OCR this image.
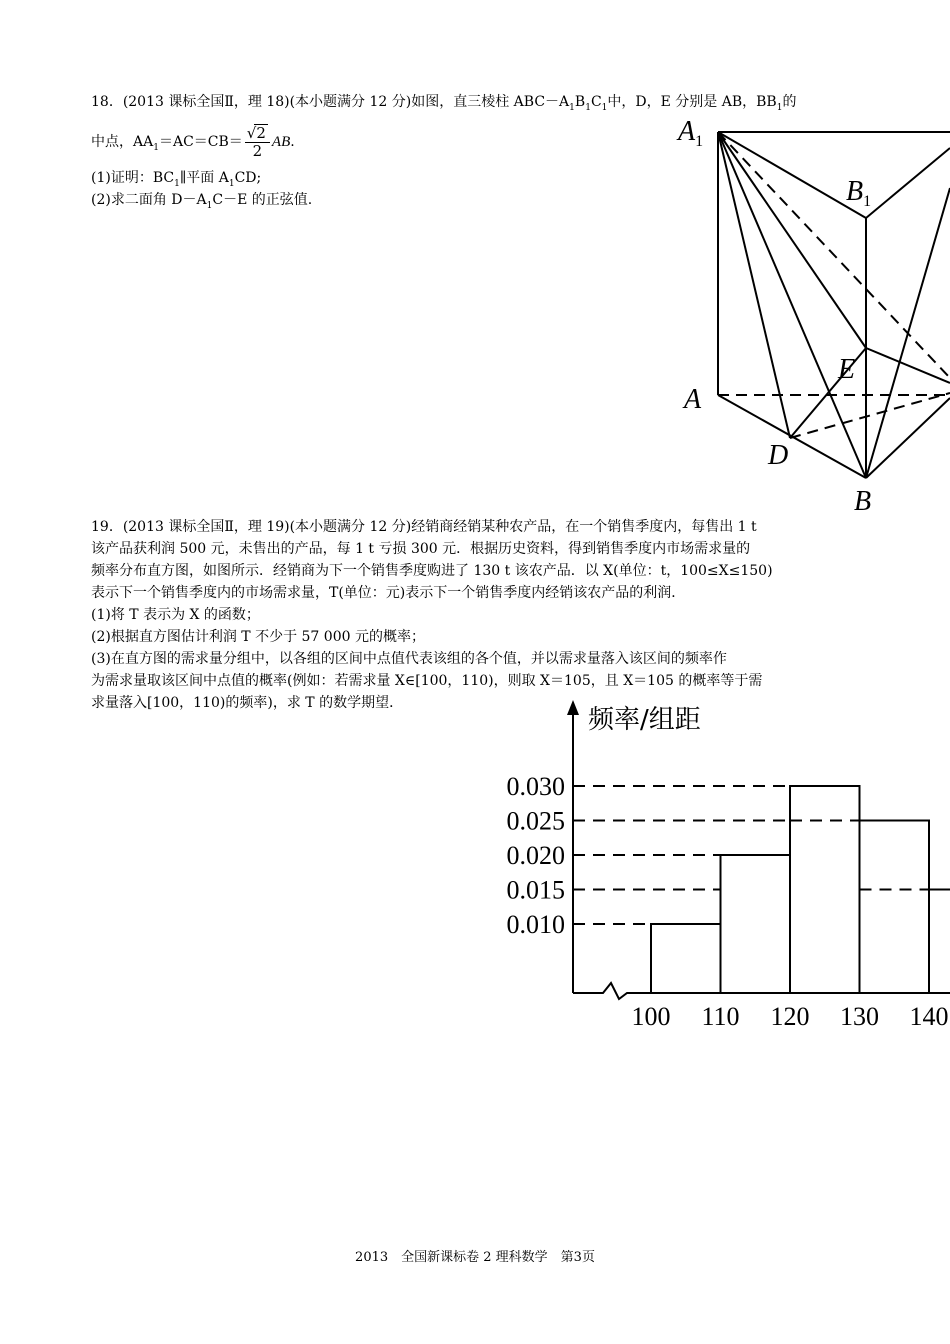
18．(2013 课标全国Ⅱ，理 18)(本小题满分 12 分)如图，直三棱柱 $ABC-A_1B_1C_1$中，D，E 分别是 AB，$BB_1$的

中点，$AA_1=AC=CB= \frac{√2}{2}$ AB.

(1)证明：$BC_1\parallel$平面 $A_1CD$;

(2)求二面角 $D-A_1C-E$ 的正弦值.

$A_1$
$B_1$
E
A
D
B

19．(2013 课标全国Ⅱ，理 19)(本小题满分 12 分)经销商经销某种农产品，在一个销售季度内，每售出 1 t

该产品获利润 500 元，未售出的产品，每 1 t 亏损 300 元．根据历史资料，得到销售季度内市场需求量的

频率分布直方图，如图所示．经销商为下一个销售季度购进了 130 t 该农产品．以 X(单位：t，100≤X≤150)

表示下一个销售季度内的市场需求量，T(单位：元)表示下一个销售季度内经销该农产品的利润．

(1)将 T 表示为 X 的函数；

(2)根据直方图估计利润 T 不少于 57 000 元的概率；

(3)在直方图的需求量分组中，以各组的区间中点值代表该组的各个值，并以需求量落入该区间的频率作

为需求量取该区间中点值的概率(例如：若需求量 X∈[100，110)，则取 X＝105，且 X＝105 的概率等于需

求量落入[100，110)的频率)，求 T 的数学期望．

0.010
0.015
0.020
0.025
0.030
100 110 120 130 140
频率/组距
2013　全国新课标卷 2 理科数学　第3页
